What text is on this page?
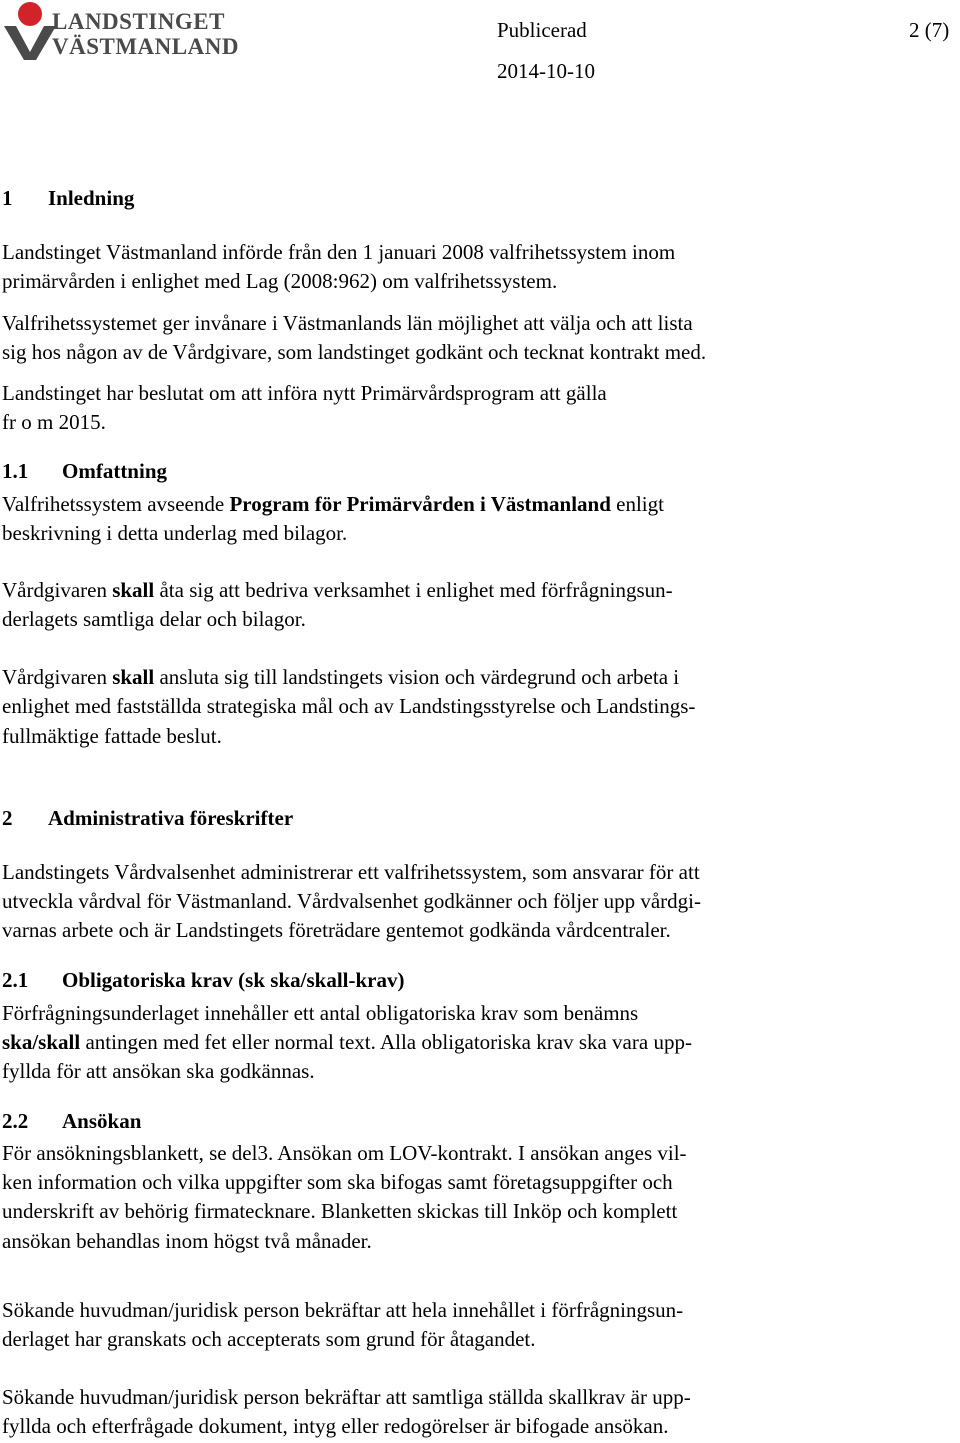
LANDSTINGET
VÄSTMANLAND
Publicerad
2014-10-10
2 (7)
1 Inledning

Landstinget Västmanland införde från den 1 januari 2008 valfrihetssystem inom

primärvården i enlighet med Lag (2008:962) om valfrihetssystem.

Valfrihetssystemet ger invånare i Västmanlands län möjlighet att välja och att lista

sig hos någon av de Vårdgivare, som landstinget godkänt och tecknat kontrakt med.

Landstinget har beslutat om att införa nytt Primärvårdsprogram att gälla

fr o m 2015.

1.1 Omfattning

Valfrihetssystem avseende Program för Primärvården i Västmanland enligt

beskrivning i detta underlag med bilagor.

Vårdgivaren skall åta sig att bedriva verksamhet i enlighet med förfrågningsun-

derlagets samtliga delar och bilagor.

Vårdgivaren skall ansluta sig till landstingets vision och värdegrund och arbeta i

enlighet med fastställda strategiska mål och av Landstingsstyrelse och Landstings-

fullmäktige fattade beslut.

2 Administrativa föreskrifter

Landstingets Vårdvalsenhet administrerar ett valfrihetssystem, som ansvarar för att

utveckla vårdval för Västmanland. Vårdvalsenhet godkänner och följer upp vårdgi-

varnas arbete och är Landstingets företrädare gentemot godkända vårdcentraler.

2.1 Obligatoriska krav (sk ska/skall-krav)

Förfrågningsunderlaget innehåller ett antal obligatoriska krav som benämns

ska/skall antingen med fet eller normal text. Alla obligatoriska krav ska vara upp-

fyllda för att ansökan ska godkännas.

2.2 Ansökan

För ansökningsblankett, se del3. Ansökan om LOV-kontrakt. I ansökan anges vil-

ken information och vilka uppgifter som ska bifogas samt företagsuppgifter och

underskrift av behörig firmatecknare. Blanketten skickas till Inköp och komplett

ansökan behandlas inom högst två månader.

Sökande huvudman/juridisk person bekräftar att hela innehållet i förfrågningsun-

derlaget har granskats och accepterats som grund för åtagandet.

Sökande huvudman/juridisk person bekräftar att samtliga ställda skallkrav är upp-

fyllda och efterfrågade dokument, intyg eller redogörelser är bifogade ansökan.
